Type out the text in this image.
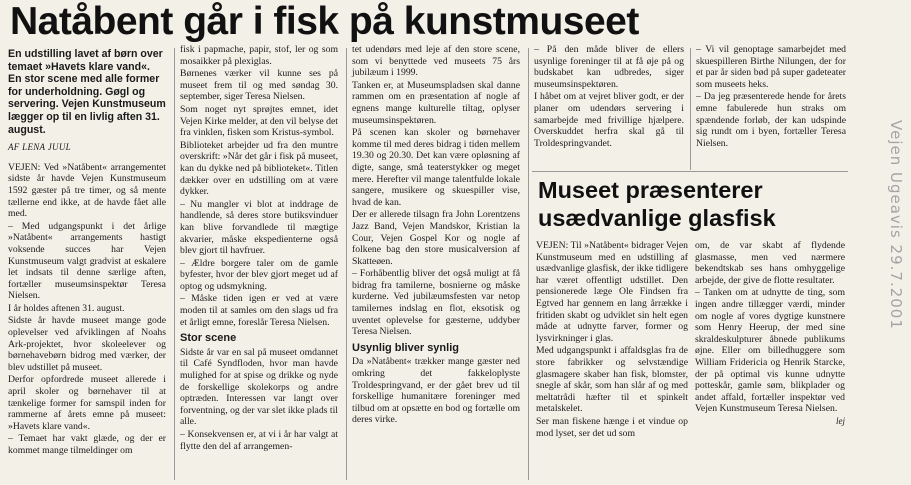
Natåbent går i fisk på kunstmuseet

En udstilling lavet af børn over temaet »Havets klare vand«. En stor scene med alle former for underholdning. Gøgl og servering. Vejen Kunstmuseum lægger op til en livlig aften 31. august.

AF LENA JUUL

VEJEN: Ved »Natåbent« arrangementet sidste år havde Vejen Kunstmuseum 1592 gæster på tre timer, og så mente tællerne end ikke, at de havde fået alle med.

– Med udgangspunkt i det årlige »Natåbent« arrangements hastigt voksende succes har Vejen Kunstmuseum valgt gradvist at eskalere let indsats til denne særlige aften, fortæller museumsinspektør Teresa Nielsen.

I år holdes aftenen 31. august.

Sidste år havde museet mange gode oplevelser ved afviklingen af Noahs Ark-projektet, hvor skoleelever og børnehavebørn bidrog med værker, der blev udstillet på museet.

Derfor opfordrede museet allerede i april skoler og børnehaver til at tænkelige former for samspil inden for rammerne af årets emne på museet: »Havets klare vand«.

– Temaet har vakt glæde, og der er kommet mange tilmeldinger om

fisk i papmache, papir, stof, ler og som mosaikker på plexiglas.

Børnenes værker vil kunne ses på museet frem til og med søndag 30. september, siger Teresa Nielsen.

Som noget nyt sprøjtes emnet, idet Vejen Kirke melder, at den vil belyse det fra vinklen, fisken som Kristus-symbol.

Biblioteket arbejder ud fra den muntre overskrift: »Når det går i fisk på museet, kan du dykke ned på biblioteket«. Titlen dækker over en udstilling om at være dykker.

– Nu mangler vi blot at inddrage de handlende, så deres store butiksvinduer kan blive forvandlede til mægtige akvarier, måske ekspedienterne også blev gjort til havfruer.

– Ældre borgere taler om de gamle byfester, hvor der blev gjort meget ud af optog og udsmykning.

– Måske tiden igen er ved at være moden til at samles om den slags ud fra et årligt emne, foreslår Teresa Nielsen.

Stor scene

Sidste år var en sal på museet omdannet til Café Syndfloden, hvor man havde mulighed for at spise og drikke og nyde de forskellige skolekorps og andre optræden. Interessen var langt over forventning, og der var slet ikke plads til alle.

– Konsekvensen er, at vi i år har valgt at flytte den del af arrangemen-

tet udendørs med leje af den store scene, som vi benyttede ved museets 75 års jubilæum i 1999.

Tanken er, at Museumspladsen skal danne rammen om en præsentation af nogle af egnens mange kulturelle tiltag, oplyser museumsinspektøren.

På scenen kan skoler og børnehaver komme til med deres bidrag i tiden mellem 19.30 og 20.30. Det kan være opløsning af digte, sange, små teaterstykker og meget mere. Herefter vil mange talentfulde lokale sangere, musikere og skuespiller vise, hvad de kan.

Der er allerede tilsagn fra John Lorentzens Jazz Band, Vejen Mandskor, Kristian la Cour, Vejen Gospel Kor og nogle af folkene bag den store musicalversion af Skatteøen.

– Forhåbentlig bliver det også muligt at få bidrag fra tamilerne, bosnierne og måske kurderne. Ved jubilæumsfesten var netop tamilernes indslag en flot, eksotisk og uventet oplevelse for gæsterne, uddyber Teresa Nielsen.

Usynlig bliver synlig

Da »Natåbent« trækker mange gæster ned omkring det fakkeloplyste Troldespringvand, er der gået brev ud til forskellige humanitære foreninger med tilbud om at opsætte en bod og fortælle om deres virke.

– På den måde bliver de ellers usynlige foreninger til at få øje på og budskabet kan udbredes, siger museumsinspektøren.

I håbet om at vejret bliver godt, er der planer om udendørs servering i samarbejde med frivillige hjælpere. Overskuddet herfra skal gå til Troldespringvandet.

– Vi vil genoptage samarbejdet med skuespilleren Birthe Nilungen, der for et par år siden bød på super gadeteater som museets heks.

– Da jeg præsenterede hende for årets emne fabulerede hun straks om spændende forløb, der kan udspinde sig rundt om i byen, fortæller Teresa Nielsen.

Museet præsenterer usædvanlige glasfisk

VEJEN: Til »Natåbent« bidrager Vejen Kunstmuseum med en udstilling af usædvanlige glasfisk, der ikke tidligere har været offentligt udstillet. Den pensionerede læge Ole Findsen fra Egtved har gennem en lang årrække i fritiden skabt og udviklet sin helt egen måde at udnytte farver, former og lysvirkninger i glas.

Med udgangspunkt i affaldsglas fra de store fabrikker og selvstændige glasmagere skaber han fisk, blomster, snegle af skår, som han slår af og med meltatrådi hæfter til et spinkelt metalskelet.

Ser man fiskene hænge i et vindue op mod lyset, ser det ud som

om, de var skabt af flydende glasmasse, men ved nærmere bekendtskab ses hans omhyggelige arbejde, der give de flotte resultater.

– Tanken om at udnytte de ting, som ingen andre tillægger værdi, minder om nogle af vores dygtige kunstnere som Henry Heerup, der med sine skraldeskulpturer åbnede publikums øjne. Eller om billedhuggere som William Fridericia og Henrik Starcke, der på optimal vis kunne udnytte potteskår, gamle søm, blikplader og andet affald, fortæller inspektør ved Vejen Kunstmuseum Teresa Nielsen.

lej

Vejen Ugeavis 29.7.2001
